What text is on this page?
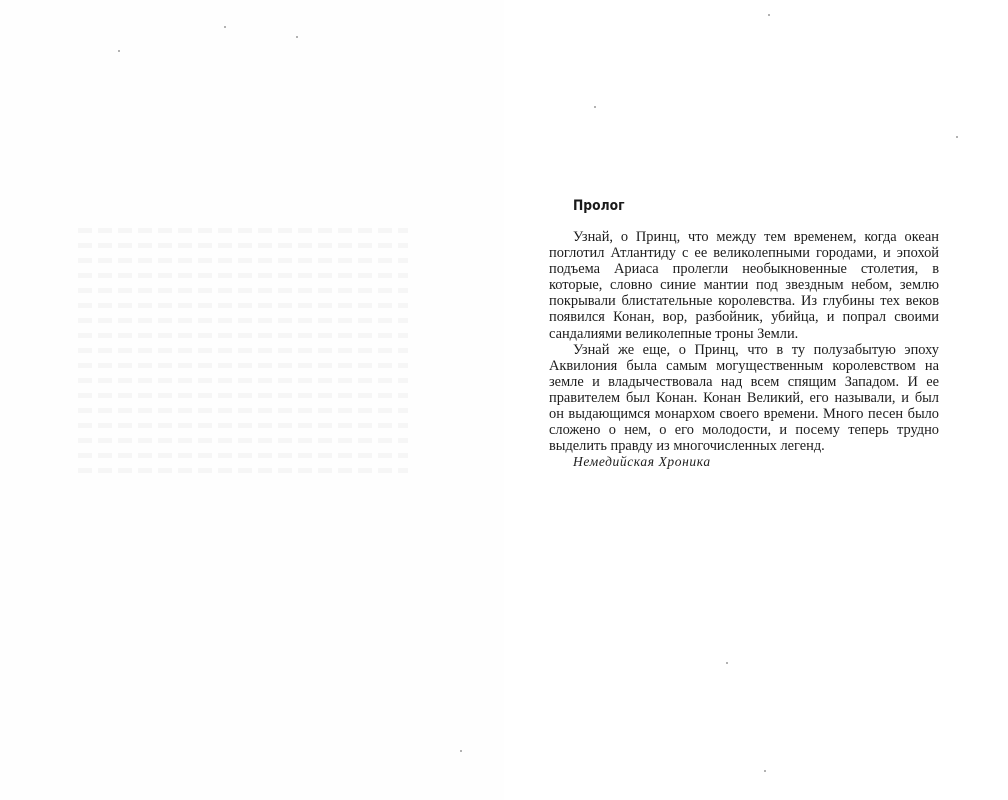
Пролог

Узнай, о Принц, что между тем временем, когда океан поглотил Атлантиду с ее великолепными городами, и эпохой подъема Ариаса пролегли необыкновенные столетия, в которые, словно синие мантии под звездным небом, землю покрывали блистательные королевства. Из глубины тех веков появился Конан, вор, разбойник, убийца, и попрал своими сандалиями великолепные троны Земли.

Узнай же еще, о Принц, что в ту полузабытую эпоху Аквилония была самым могущественным королевством на земле и владычествовала над всем спящим Западом. И ее правителем был Конан. Конан Великий, его называли, и был он выдающимся монархом своего времени. Много песен было сложено о нем, о его молодости, и посему теперь трудно выделить правду из многочисленных легенд.

Немедийская Хроника
